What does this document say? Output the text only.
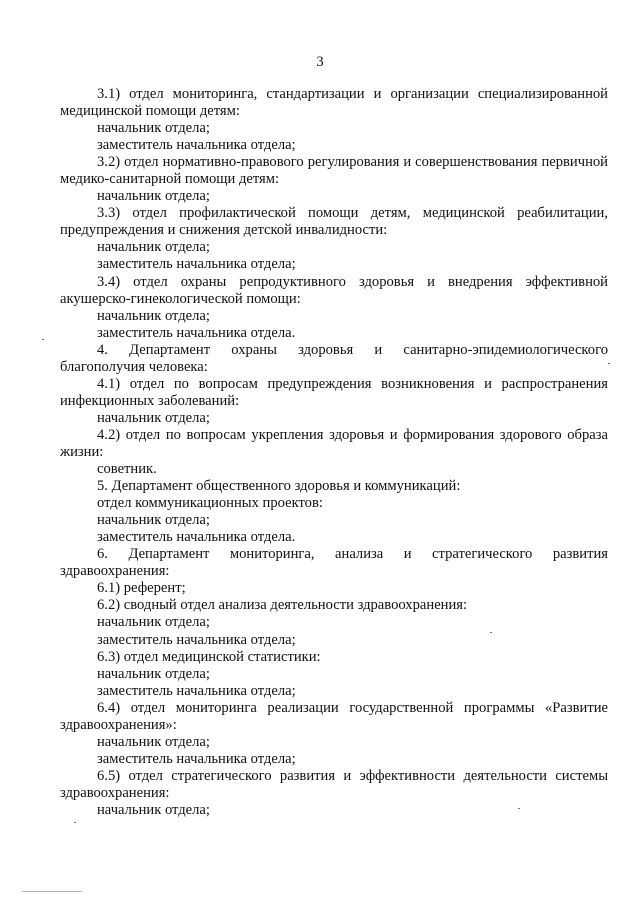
3

3.1) отдел мониторинга, стандартизации и организации специализированной медицинской помощи детям:

начальник отдела;

заместитель начальника отдела;

3.2) отдел нормативно-правового регулирования и совершенствования первичной медико-санитарной помощи детям:

начальник отдела;

3.3) отдел профилактической помощи детям, медицинской реабилитации, предупреждения и снижения детской инвалидности:

начальник отдела;

заместитель начальника отдела;

3.4) отдел охраны репродуктивного здоровья и внедрения эффективной акушерско-гинекологической помощи:

начальник отдела;

заместитель начальника отдела.

4. Департамент охраны здоровья и санитарно-эпидемиологического благополучия человека:

4.1) отдел по вопросам предупреждения возникновения и распространения инфекционных заболеваний:

начальник отдела;

4.2) отдел по вопросам укрепления здоровья и формирования здорового образа жизни:

советник.

5. Департамент общественного здоровья и коммуникаций:

отдел коммуникационных проектов:

начальник отдела;

заместитель начальника отдела.

6. Департамент мониторинга, анализа и стратегического развития здравоохранения:

6.1) референт;

6.2) сводный отдел анализа деятельности здравоохранения:

начальник отдела;

заместитель начальника отдела;

6.3) отдел медицинской статистики:

начальник отдела;

заместитель начальника отдела;

6.4) отдел мониторинга реализации государственной программы «Развитие здравоохранения»:

начальник отдела;

заместитель начальника отдела;

6.5) отдел стратегического развития и эффективности деятельности системы здравоохранения:

начальник отдела;
